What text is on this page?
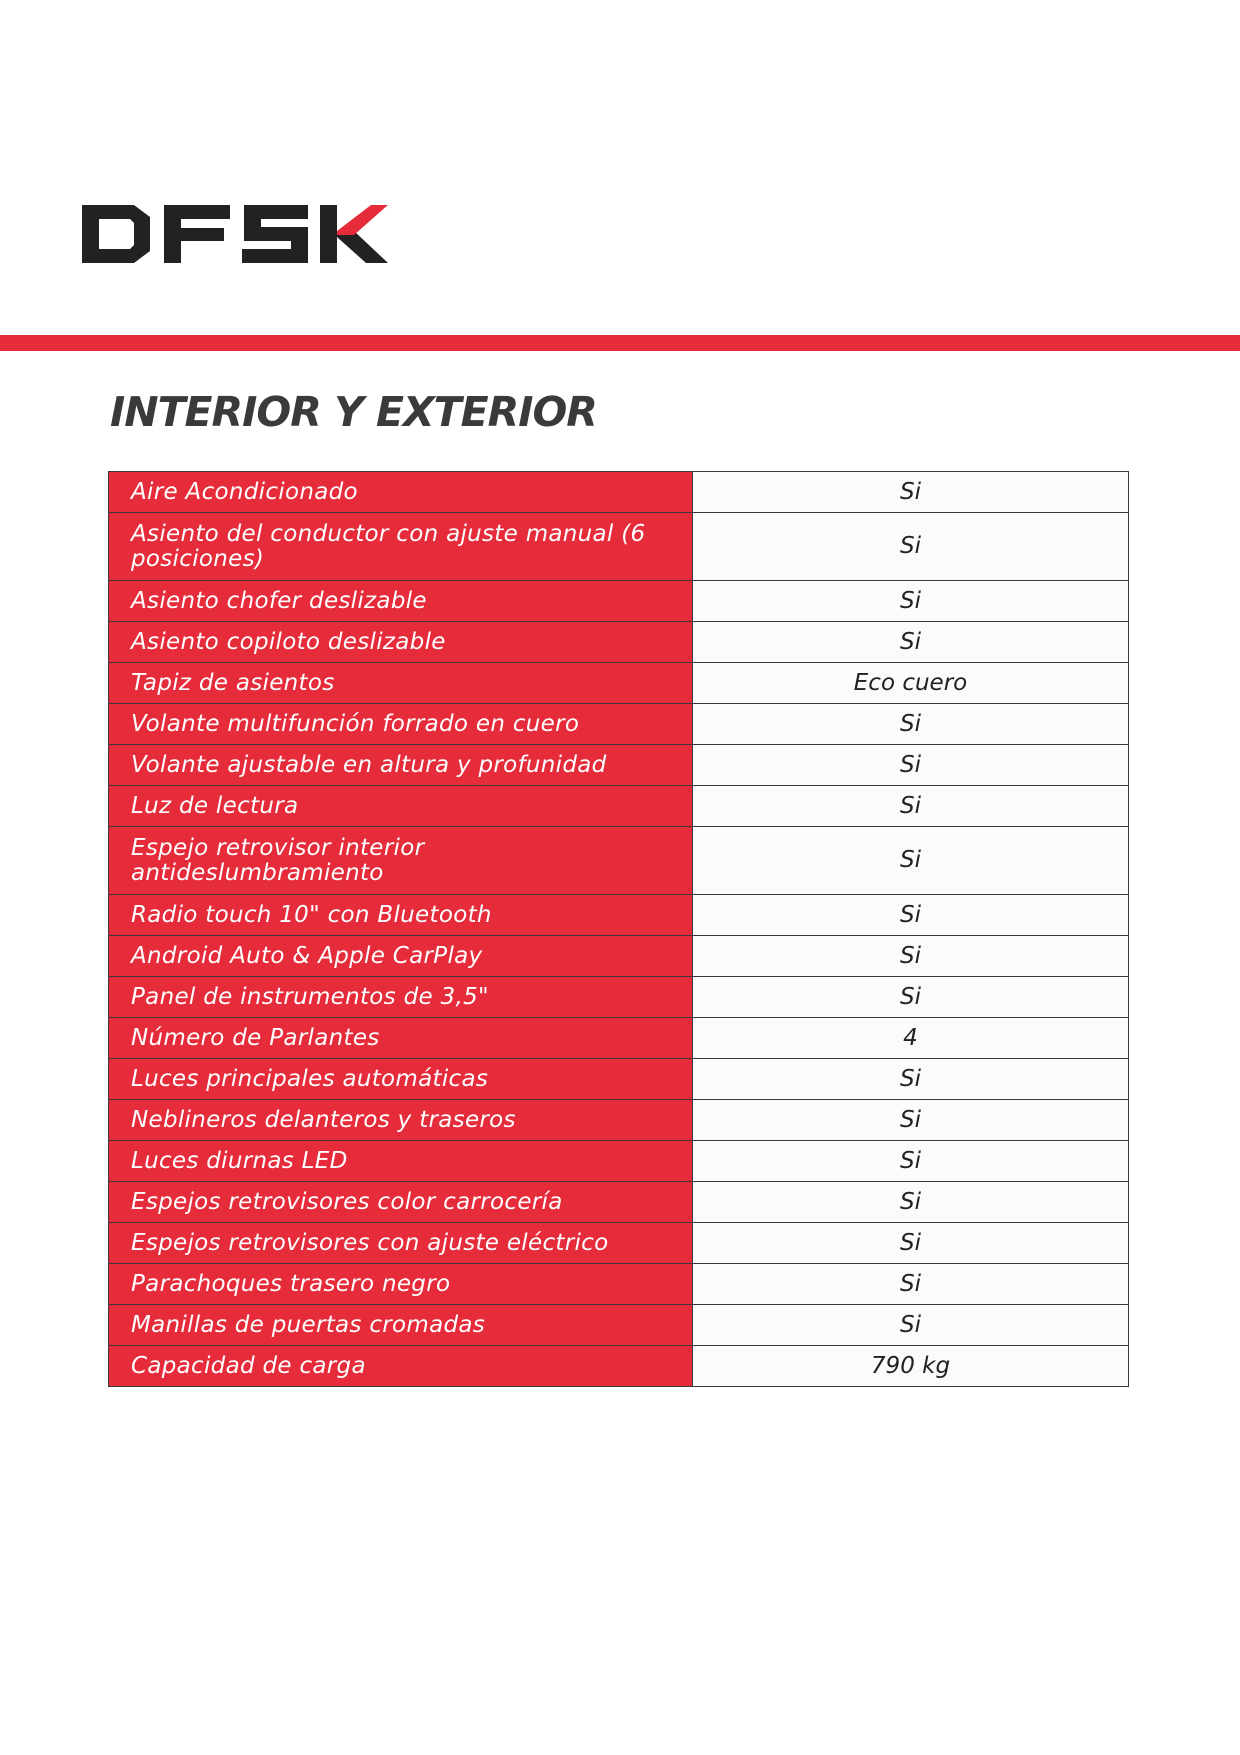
INTERIOR Y EXTERIOR
Aire Acondicionado	Si
Asiento del conductor con ajuste manual (6 posiciones)	Si
Asiento chofer deslizable	Si
Asiento copiloto deslizable	Si
Tapiz de asientos	Eco cuero
Volante multifunción forrado en cuero	Si
Volante ajustable en altura y profunidad	Si
Luz de lectura	Si
Espejo retrovisor interior antideslumbramiento	Si
Radio touch 10" con Bluetooth	Si
Android Auto & Apple CarPlay	Si
Panel de instrumentos de 3,5"	Si
Número de Parlantes	4
Luces principales automáticas	Si
Neblineros delanteros y traseros	Si
Luces diurnas LED	Si
Espejos retrovisores color carrocería	Si
Espejos retrovisores con ajuste eléctrico	Si
Parachoques trasero negro	Si
Manillas de puertas cromadas	Si
Capacidad de carga	790 kg
